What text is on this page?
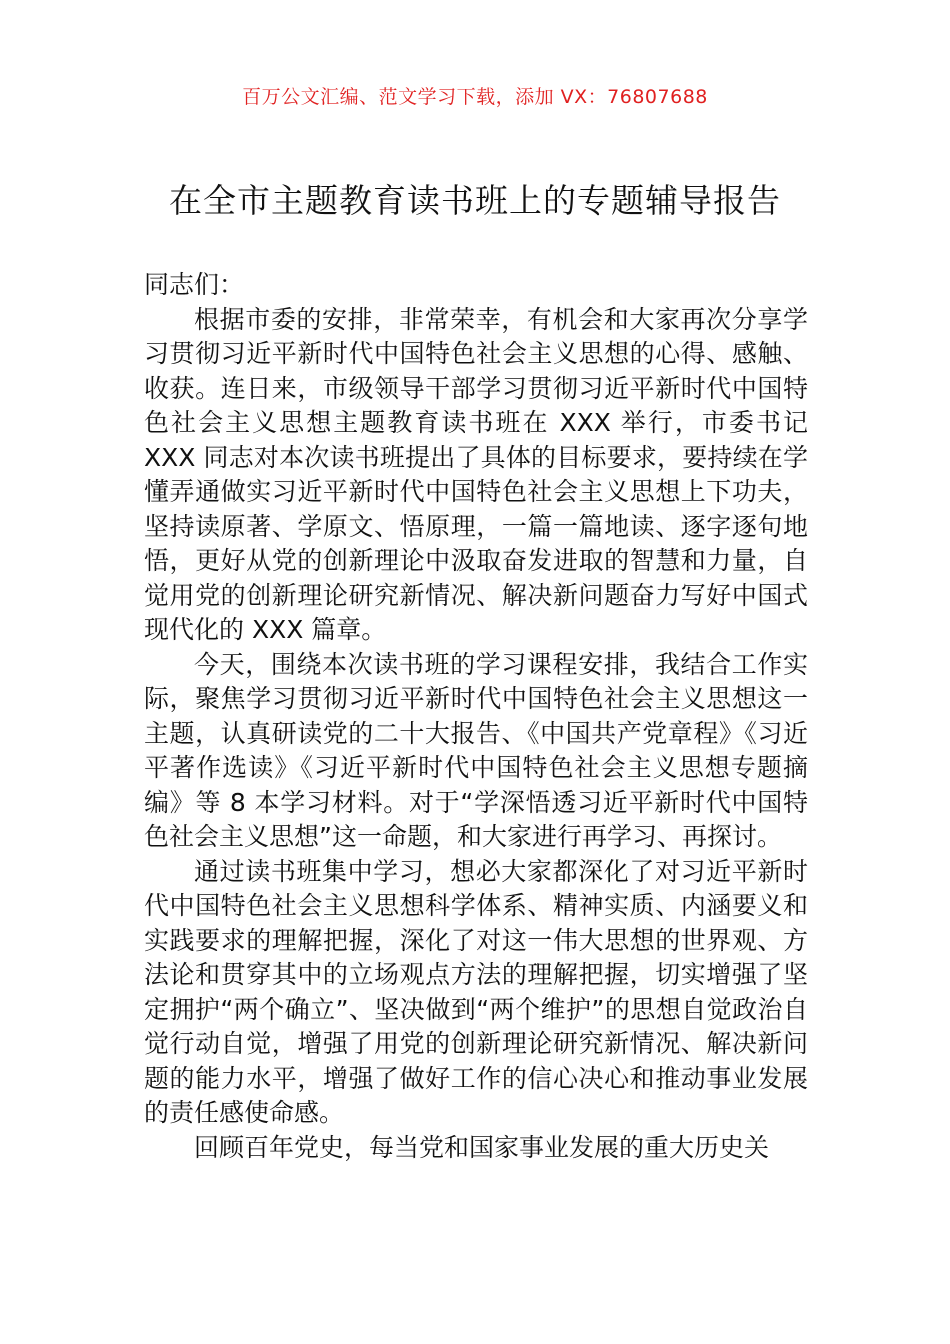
百万公文汇编、范文学习下载，添加 VX：76807688
在全市主题教育读书班上的专题辅导报告

同志们：

根据市委的安排，非常荣幸，有机会和大家再次分享学习贯彻习近平新时代中国特色社会主义思想的心得、感触、收获。连日来，市级领导干部学习贯彻习近平新时代中国特色社会主义思想主题教育读书班在 XXX 举行，市委书记 XXX 同志对本次读书班提出了具体的目标要求，要持续在学懂弄通做实习近平新时代中国特色社会主义思想上下功夫，坚持读原著、学原文、悟原理，一篇一篇地读、逐字逐句地悟，更好从党的创新理论中汲取奋发进取的智慧和力量，自觉用党的创新理论研究新情况、解决新问题奋力写好中国式现代化的 XXX 篇章。

今天，围绕本次读书班的学习课程安排，我结合工作实际，聚焦学习贯彻习近平新时代中国特色社会主义思想这一主题，认真研读党的二十大报告、《中国共产党章程》《习近平著作选读》《习近平新时代中国特色社会主义思想专题摘编》等 8 本学习材料。对于“学深悟透习近平新时代中国特色社会主义思想”这一命题，和大家进行再学习、再探讨。

通过读书班集中学习，想必大家都深化了对习近平新时代中国特色社会主义思想科学体系、精神实质、内涵要义和实践要求的理解把握，深化了对这一伟大思想的世界观、方法论和贯穿其中的立场观点方法的理解把握，切实增强了坚定拥护“两个确立”、坚决做到“两个维护”的思想自觉政治自觉行动自觉，增强了用党的创新理论研究新情况、解决新问题的能力水平，增强了做好工作的信心决心和推动事业发展的责任感使命感。

回顾百年党史，每当党和国家事业发展的重大历史关
